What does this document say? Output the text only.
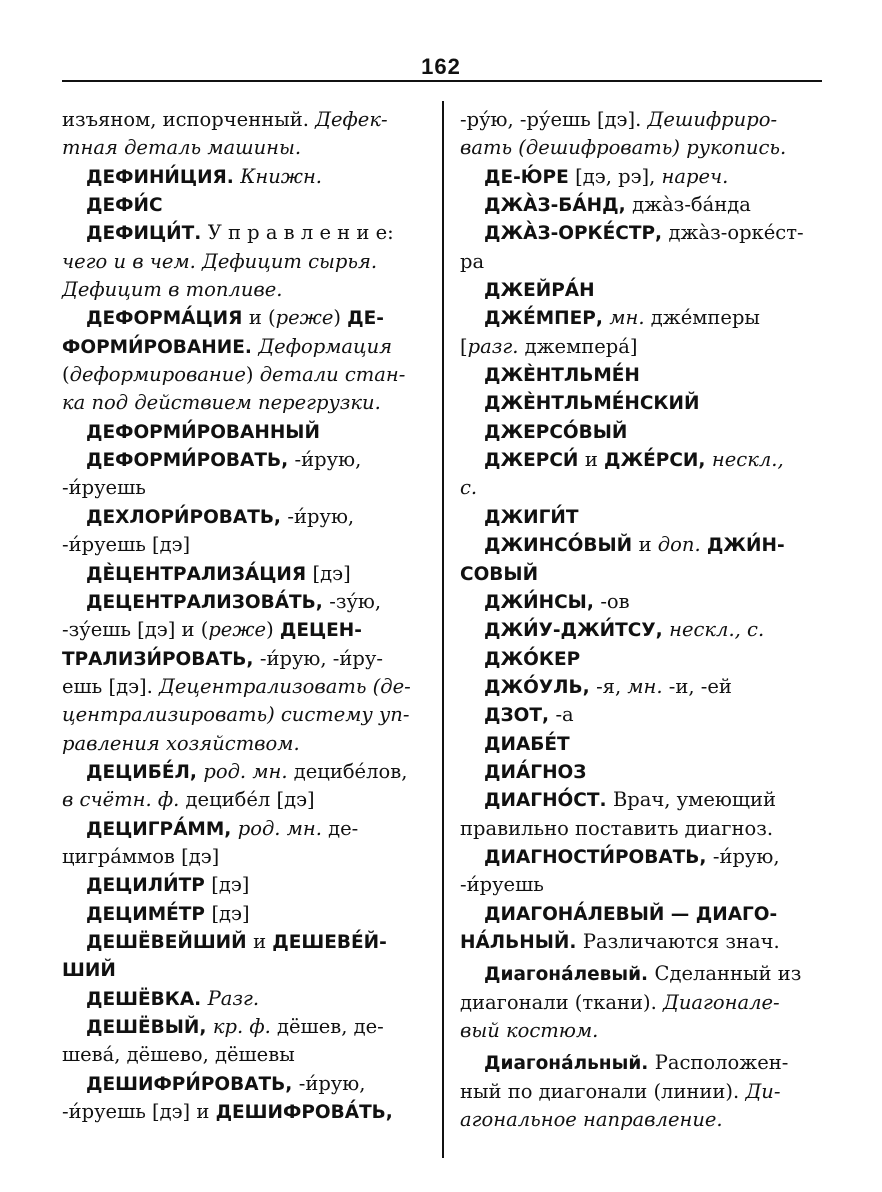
162
изъяном, испорченный. Дефек-
тная деталь машины.
ДЕФИНИ́ЦИЯ. Книжн.
ДЕФИ́С
ДЕФИЦИ́Т. У п р а в л е н и е:
чего и в чем. Дефицит сырья.
Дефицит в топливе.
ДЕФОРМА́ЦИЯ и (реже) ДЕ-
ФОРМИ́РОВАНИЕ. Деформация
(деформирование) детали стан-
ка под действием перегрузки.
ДЕФОРМИ́РОВАННЫЙ
ДЕФОРМИ́РОВАТЬ, -и́рую,
-и́руешь
ДЕХЛОРИ́РОВАТЬ, -и́рую,
-и́руешь [дэ]
ДЀЦЕНТРАЛИЗА́ЦИЯ [дэ]
ДЕЦЕНТРАЛИЗОВА́ТЬ, -зу́ю,
-зу́ешь [дэ] и (реже) ДЕЦЕН-
ТРАЛИЗИ́РОВАТЬ, -и́рую, -и́ру-
ешь [дэ]. Децентрализовать (де-
централизировать) систему уп-
равления хозяйством.
ДЕЦИБЕ́Л, род. мн. децибе́лов,
в счётн. ф. децибе́л [дэ]
ДЕЦИГРА́ММ, род. мн. де-
цигра́ммов [дэ]
ДЕЦИЛИ́ТР [дэ]
ДЕЦИМЕ́ТР [дэ]
ДЕШЁВЕЙШИЙ и ДЕШЕВЕ́Й-
ШИЙ
ДЕШЁВКА. Разг.
ДЕШЁВЫЙ, кр. ф. дёшев, де-
шева́, дёшево, дёшевы
ДЕШИФРИ́РОВАТЬ, -и́рую,
-и́руешь [дэ] и ДЕШИФРОВА́ТЬ,
-ру́ю, -ру́ешь [дэ]. Дешифриро-
вать (дешифровать) рукопись.
ДЕ-Ю́РЕ [дэ, рэ], нареч.
ДЖА̀З-БА́НД, джа̀з-ба́нда
ДЖА̀З-ОРКЕ́СТР, джа̀з-орке́ст-
ра
ДЖЕЙРА́Н
ДЖЕ́МПЕР, мн. дже́мперы
[разг. джемпера́]
ДЖЀНТЛЬМЕ́Н
ДЖЀНТЛЬМЕ́НСКИЙ
ДЖЕРСО́ВЫЙ
ДЖЕРСИ́ и ДЖЕ́РСИ, нескл.,
с.
ДЖИГИ́Т
ДЖИНСО́ВЫЙ и доп. ДЖИ́Н-
СОВЫЙ
ДЖИ́НСЫ, -ов
ДЖИ́У-ДЖИ́ТСУ, нескл., с.
ДЖО́КЕР
ДЖО́УЛЬ, -я, мн. -и, -ей
ДЗОТ, -а
ДИАБЕ́Т
ДИА́ГНОЗ
ДИАГНО́СТ. Врач, умеющий
правильно поставить диагноз.
ДИАГНОСТИ́РОВАТЬ, -и́рую,
-и́руешь
ДИАГОНА́ЛЕВЫЙ — ДИАГО-
НА́ЛЬНЫЙ. Различаются знач.
Диагона́левый. Сделанный из
диагонали (ткани). Диагонале-
вый костюм.
Диагона́льный. Расположен-
ный по диагонали (линии). Ди-
агональное направление.
